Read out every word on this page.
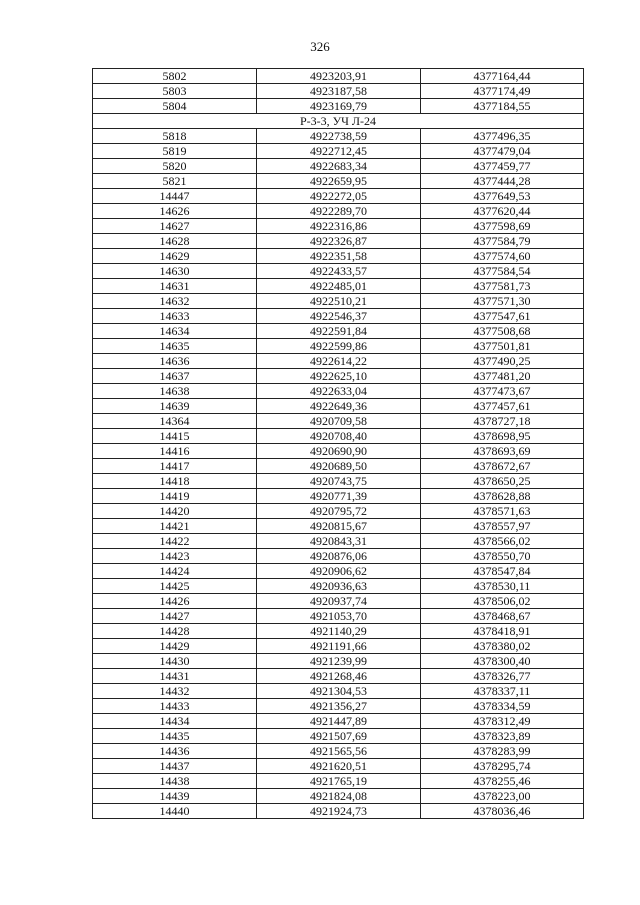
326
5802	4923203,91	4377164,44
5803	4923187,58	4377174,49
5804	4923169,79	4377184,55
Р-3-3, УЧ Л-24		
5818	4922738,59	4377496,35
5819	4922712,45	4377479,04
5820	4922683,34	4377459,77
5821	4922659,95	4377444,28
14447	4922272,05	4377649,53
14626	4922289,70	4377620,44
14627	4922316,86	4377598,69
14628	4922326,87	4377584,79
14629	4922351,58	4377574,60
14630	4922433,57	4377584,54
14631	4922485,01	4377581,73
14632	4922510,21	4377571,30
14633	4922546,37	4377547,61
14634	4922591,84	4377508,68
14635	4922599,86	4377501,81
14636	4922614,22	4377490,25
14637	4922625,10	4377481,20
14638	4922633,04	4377473,67
14639	4922649,36	4377457,61
14364	4920709,58	4378727,18
14415	4920708,40	4378698,95
14416	4920690,90	4378693,69
14417	4920689,50	4378672,67
14418	4920743,75	4378650,25
14419	4920771,39	4378628,88
14420	4920795,72	4378571,63
14421	4920815,67	4378557,97
14422	4920843,31	4378566,02
14423	4920876,06	4378550,70
14424	4920906,62	4378547,84
14425	4920936,63	4378530,11
14426	4920937,74	4378506,02
14427	4921053,70	4378468,67
14428	4921140,29	4378418,91
14429	4921191,66	4378380,02
14430	4921239,99	4378300,40
14431	4921268,46	4378326,77
14432	4921304,53	4378337,11
14433	4921356,27	4378334,59
14434	4921447,89	4378312,49
14435	4921507,69	4378323,89
14436	4921565,56	4378283,99
14437	4921620,51	4378295,74
14438	4921765,19	4378255,46
14439	4921824,08	4378223,00
14440	4921924,73	4378036,46
